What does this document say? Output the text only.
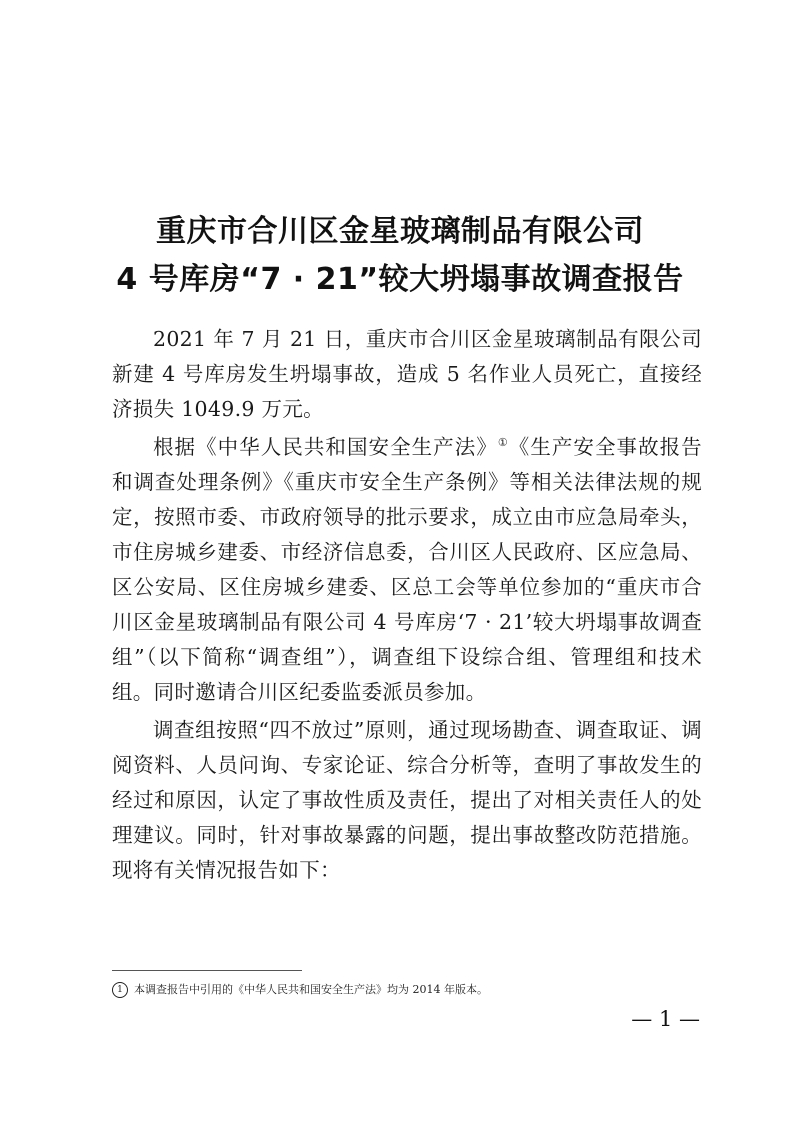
重庆市合川区金星玻璃制品有限公司
4 号库房“7 · 21”较大坍塌事故调查报告

2021 年 7 月 21 日，重庆市合川区金星玻璃制品有限公司新建 4 号库房发生坍塌事故，造成 5 名作业人员死亡，直接经济损失 1049.9 万元。

根据《中华人民共和国安全生产法》①《生产安全事故报告和调查处理条例》《重庆市安全生产条例》等相关法律法规的规定，按照市委、市政府领导的批示要求，成立由市应急局牵头，市住房城乡建委、市经济信息委，合川区人民政府、区应急局、区公安局、区住房城乡建委、区总工会等单位参加的“重庆市合川区金星玻璃制品有限公司 4 号库房‘7 · 21’较大坍塌事故调查组”（以下简称“调查组”），调查组下设综合组、管理组和技术组。同时邀请合川区纪委监委派员参加。

调查组按照“四不放过”原则，通过现场勘查、调查取证、调阅资料、人员问询、专家论证、综合分析等，查明了事故发生的经过和原因，认定了事故性质及责任，提出了对相关责任人的处理建议。同时，针对事故暴露的问题，提出事故整改防范措施。现将有关情况报告如下：

1 本调查报告中引用的《中华人民共和国安全生产法》均为 2014 年版本。
— 1 —
